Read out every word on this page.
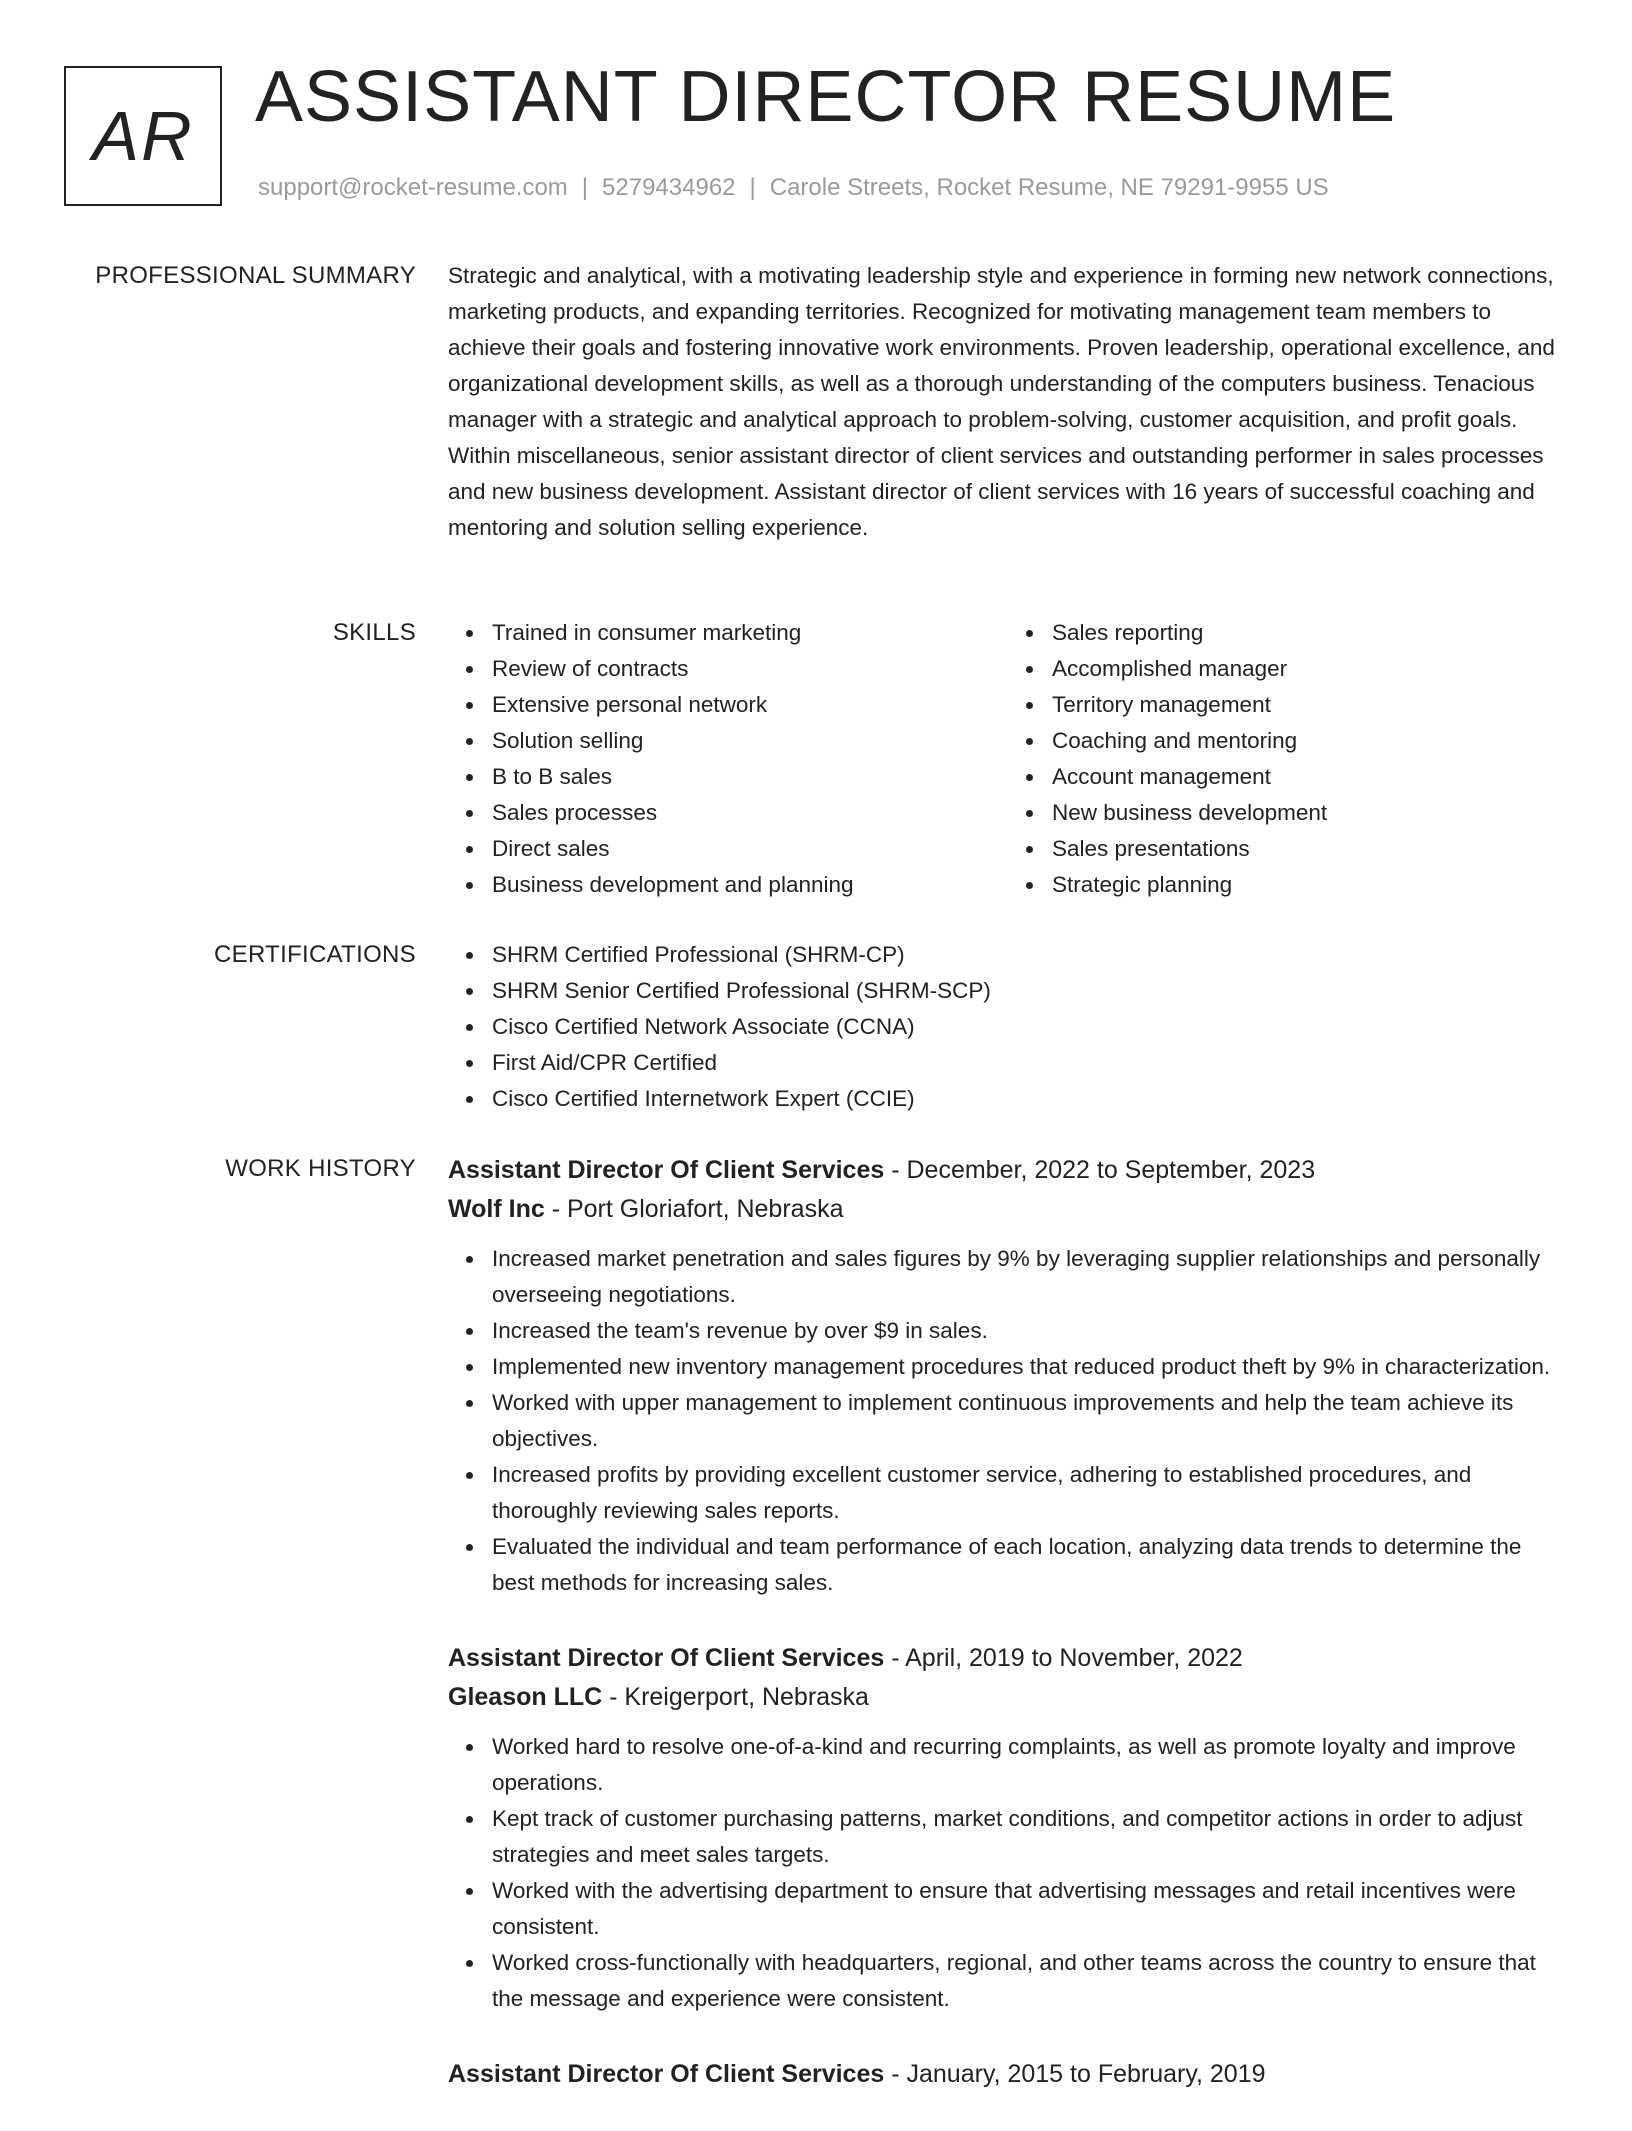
AR ASSISTANT DIRECTOR RESUME
support@rocket-resume.com | 5279434962 | Carole Streets, Rocket Resume, NE 79291-9955 US
PROFESSIONAL SUMMARY Strategic and analytical, with a motivating leadership style and experience in forming new network connections, marketing products, and expanding territories. Recognized for motivating management team members to achieve their goals and fostering innovative work environments. Proven leadership, operational excellence, and organizational development skills, as well as a thorough understanding of the computers business. Tenacious manager with a strategic and analytical approach to problem-solving, customer acquisition, and profit goals. Within miscellaneous, senior assistant director of client services and outstanding performer in sales processes and new business development. Assistant director of client services with 16 years of successful coaching and mentoring and solution selling experience.
SKILLS	Trained in consumer marketing
Review of contracts
Extensive personal network
Solution selling
B to B sales
Sales processes
Direct sales
Business development and planning
Sales reporting
Accomplished manager
Territory management
Coaching and mentoring
Account management
New business development
Sales presentations
Strategic planning
CERTIFICATIONS	SHRM Certified Professional (SHRM-CP)
SHRM Senior Certified Professional (SHRM-SCP)
Cisco Certified Network Associate (CCNA)
First Aid/CPR Certified
Cisco Certified Internetwork Expert (CCIE)
WORK HISTORY Assistant Director Of Client Services - December, 2022 to September, 2023
Wolf Inc - Port Gloriafort, Nebraska
Increased market penetration and sales figures by 9% by leveraging supplier relationships and personally overseeing negotiations.
Increased the team's revenue by over $9 in sales.
Implemented new inventory management procedures that reduced product theft by 9% in characterization.
Worked with upper management to implement continuous improvements and help the team achieve its objectives.
Increased profits by providing excellent customer service, adhering to established procedures, and thoroughly reviewing sales reports.
Evaluated the individual and team performance of each location, analyzing data trends to determine the best methods for increasing sales.
Assistant Director Of Client Services - April, 2019 to November, 2022
Gleason LLC - Kreigerport, Nebraska
Worked hard to resolve one-of-a-kind and recurring complaints, as well as promote loyalty and improve operations.
Kept track of customer purchasing patterns, market conditions, and competitor actions in order to adjust strategies and meet sales targets.
Worked with the advertising department to ensure that advertising messages and retail incentives were consistent.
Worked cross-functionally with headquarters, regional, and other teams across the country to ensure that the message and experience were consistent.
Assistant Director Of Client Services - January, 2015 to February, 2019
